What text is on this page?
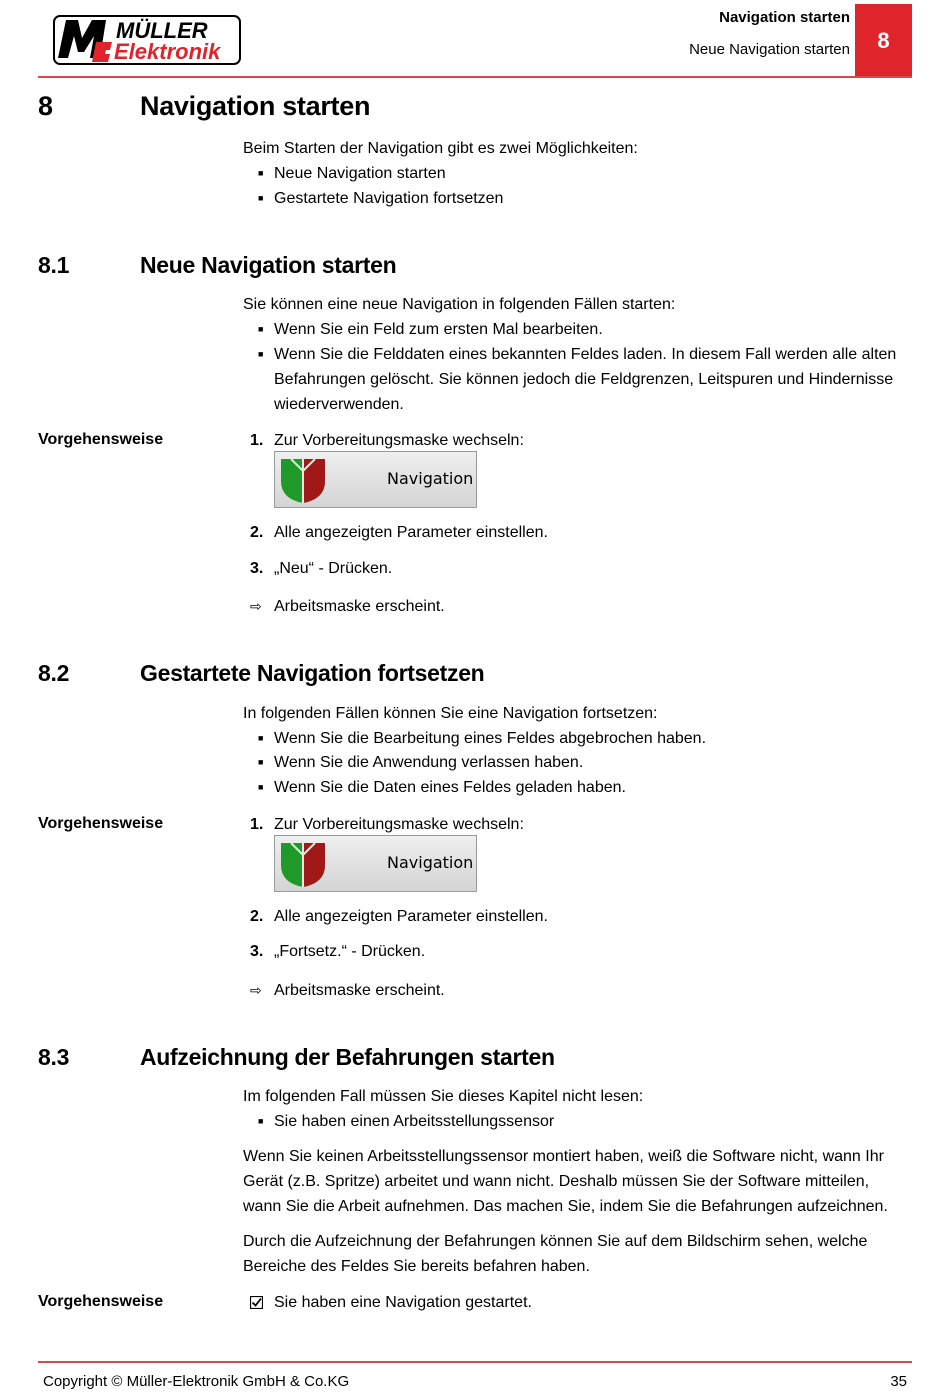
MÜLLER
Elektronik
Navigation starten
Neue Navigation starten	8
8	Navigation starten
Beim Starten der Navigation gibt es zwei Möglichkeiten:
■ Neue Navigation starten
■ Gestartete Navigation fortsetzen
8.1	Neue Navigation starten
Sie können eine neue Navigation in folgenden Fällen starten:
■ Wenn Sie ein Feld zum ersten Mal bearbeiten.
■ Wenn Sie die Felddaten eines bekannten Feldes laden. In diesem Fall werden alle alten
Befahrungen gelöscht. Sie können jedoch die Feldgrenzen, Leitspuren und Hindernisse
wiederverwenden.
Vorgehensweise	1. Zur Vorbereitungsmaske wechseln:
Navigation
2. Alle angezeigten Parameter einstellen.
3. „Neu“ - Drücken.
⇨ Arbeitsmaske erscheint.
8.2	Gestartete Navigation fortsetzen
In folgenden Fällen können Sie eine Navigation fortsetzen:
■ Wenn Sie die Bearbeitung eines Feldes abgebrochen haben.
■ Wenn Sie die Anwendung verlassen haben.
■ Wenn Sie die Daten eines Feldes geladen haben.
Vorgehensweise	1. Zur Vorbereitungsmaske wechseln:
Navigation
2. Alle angezeigten Parameter einstellen.
3. „Fortsetz.“ - Drücken.
⇨ Arbeitsmaske erscheint.
8.3	Aufzeichnung der Befahrungen starten
Im folgenden Fall müssen Sie dieses Kapitel nicht lesen:
■ Sie haben einen Arbeitsstellungssensor
Wenn Sie keinen Arbeitsstellungssensor montiert haben, weiß die Software nicht, wann Ihr Gerät (z.B. Spritze) arbeitet und wann nicht. Deshalb müssen Sie der Software mitteilen, wann Sie die Arbeit aufnehmen. Das machen Sie, indem Sie die Befahrungen aufzeichnen.
Durch die Aufzeichnung der Befahrungen können Sie auf dem Bildschirm sehen, welche Bereiche des Feldes Sie bereits befahren haben.
Vorgehensweise	Sie haben eine Navigation gestartet.
Copyright © Müller-Elektronik GmbH & Co.KG	35
